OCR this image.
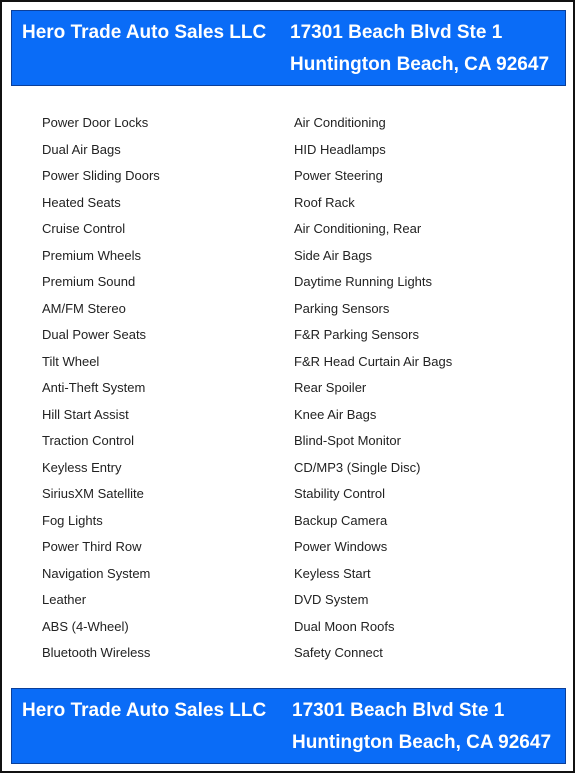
Hero Trade Auto Sales LLC 17301 Beach Blvd Ste 1
Huntington Beach, CA 92647
Power Door Locks
Dual Air Bags
Power Sliding Doors
Heated Seats
Cruise Control
Premium Wheels
Premium Sound
AM/FM Stereo
Dual Power Seats
Tilt Wheel
Anti-Theft System
Hill Start Assist
Traction Control
Keyless Entry
SiriusXM Satellite
Fog Lights
Power Third Row
Navigation System
Leather
ABS (4-Wheel)
Bluetooth Wireless
Air Conditioning
HID Headlamps
Power Steering
Roof Rack
Air Conditioning, Rear
Side Air Bags
Daytime Running Lights
Parking Sensors
F&R Parking Sensors
F&R Head Curtain Air Bags
Rear Spoiler
Knee Air Bags
Blind-Spot Monitor
CD/MP3 (Single Disc)
Stability Control
Backup Camera
Power Windows
Keyless Start
DVD System
Dual Moon Roofs
Safety Connect
Hero Trade Auto Sales LLC 17301 Beach Blvd Ste 1
Huntington Beach, CA 92647
